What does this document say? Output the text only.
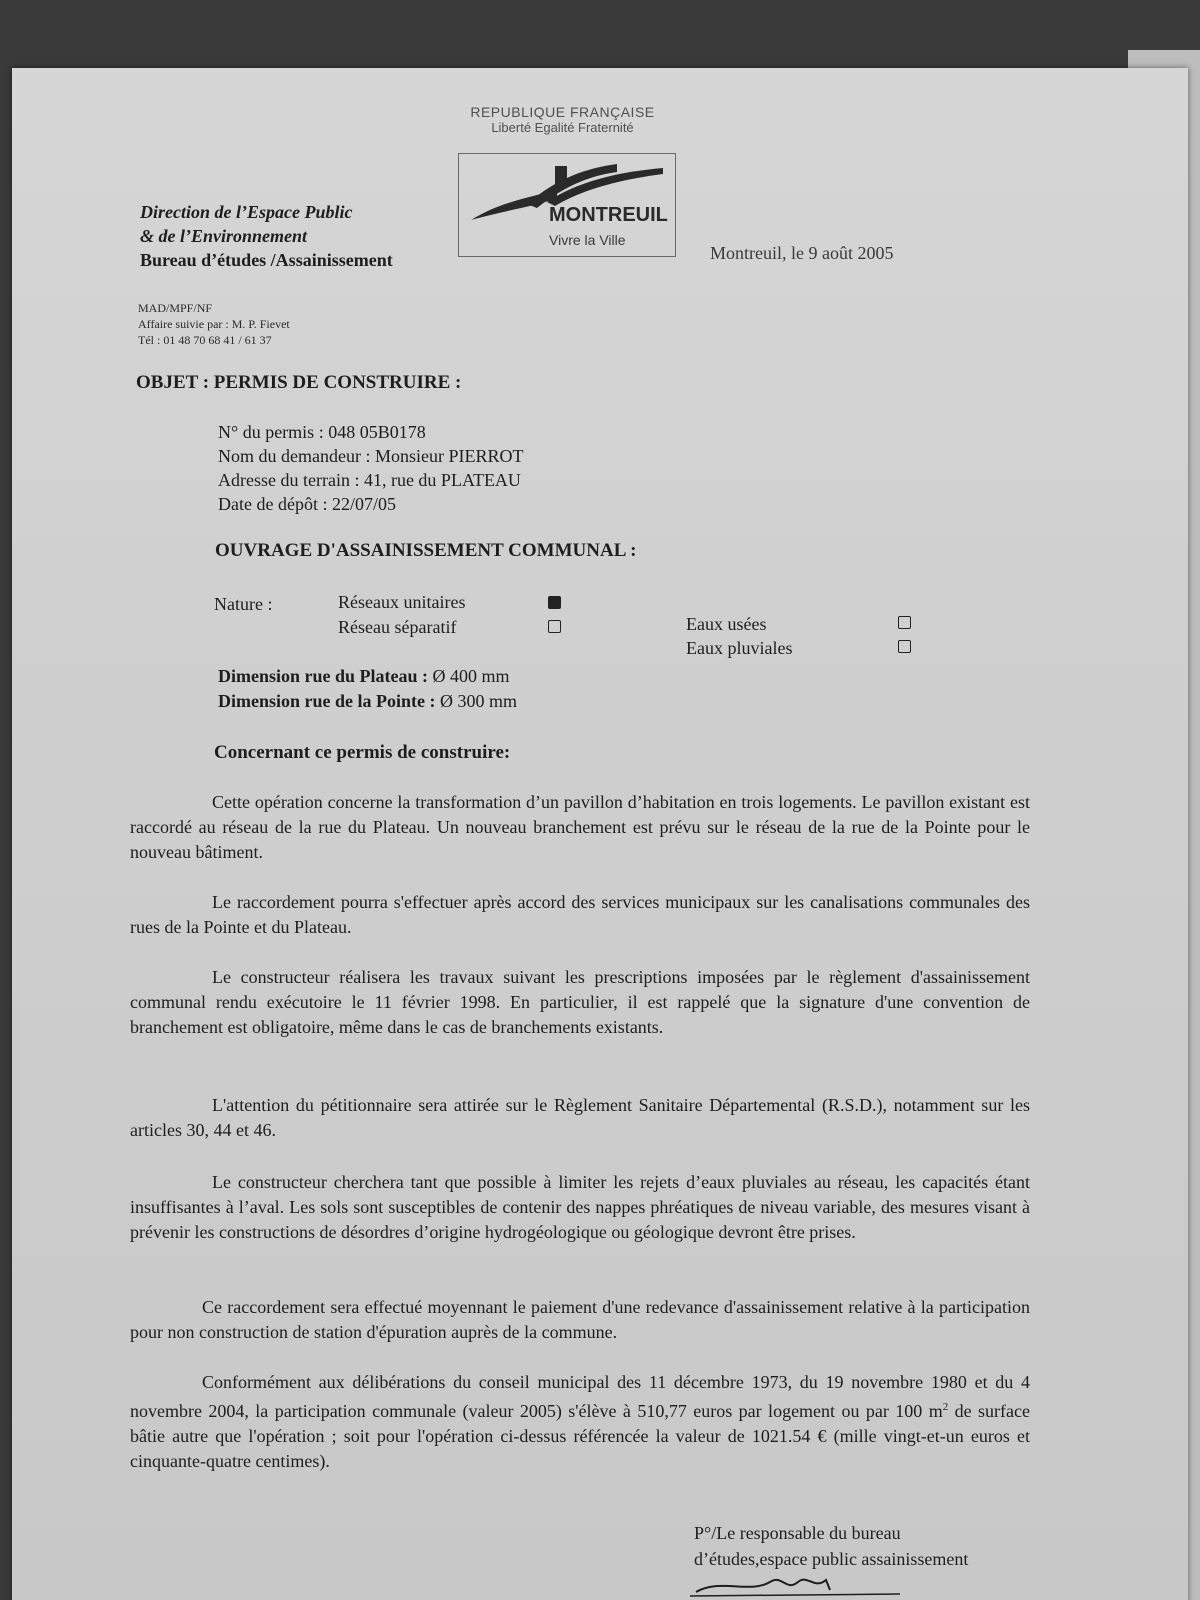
REPUBLIQUE FRANÇAISE
Liberté Egalité Fraternité
MONTREUIL
Vivre la Ville
Direction de l’Espace Public
& de l’Environnement
Bureau d’études /Assainissement	Montreuil, le 9 août 2005
MAD/MPF/NF
Affaire suivie par : M. P. Fievet
Tél : 01 48 70 68 41 / 61 37
OBJET : PERMIS DE CONSTRUIRE :
N° du permis : 048 05B0178
Nom du demandeur : Monsieur PIERROT
Adresse du terrain : 41, rue du PLATEAU
Date de dépôt : 22/07/05
OUVRAGE D'ASSAINISSEMENT COMMUNAL :
Nature :	Réseaux unitaires
Réseau séparatif	Eaux usées
Eaux pluviales
Dimension rue du Plateau : Ø 400 mm
Dimension rue de la Pointe : Ø 300 mm
Concernant ce permis de construire:
Cette opération concerne la transformation d’un pavillon d’habitation en trois logements. Le pavillon existant est raccordé au réseau de la rue du Plateau. Un nouveau branchement est prévu sur le réseau de la rue de la Pointe pour le nouveau bâtiment.
Le raccordement pourra s'effectuer après accord des services municipaux sur les canalisations communales des rues de la Pointe et du Plateau.
Le constructeur réalisera les travaux suivant les prescriptions imposées par le règlement d'assainissement communal rendu exécutoire le 11 février 1998. En particulier, il est rappelé que la signature d'une convention de branchement est obligatoire, même dans le cas de branchements existants.
L'attention du pétitionnaire sera attirée sur le Règlement Sanitaire Départemental (R.S.D.), notamment sur les articles 30, 44 et 46.
Le constructeur cherchera tant que possible à limiter les rejets d’eaux pluviales au réseau, les capacités étant insuffisantes à l’aval. Les sols sont susceptibles de contenir des nappes phréatiques de niveau variable, des mesures visant à prévenir les constructions de désordres d’origine hydrogéologique ou géologique devront être prises.
Ce raccordement sera effectué moyennant le paiement d'une redevance d'assainissement relative à la participation pour non construction de station d'épuration auprès de la commune.
Conformément aux délibérations du conseil municipal des 11 décembre 1973, du 19 novembre 1980 et du 4 novembre 2004, la participation communale (valeur 2005) s'élève à 510,77 euros par logement ou par 100 $m^2$ de surface bâtie autre que l'opération ; soit pour l'opération ci-dessus référencée la valeur de 1021.54 € (mille vingt-et-un euros et cinquante-quatre centimes).
P°/Le responsable du bureau
d’études,espace public assainissement
